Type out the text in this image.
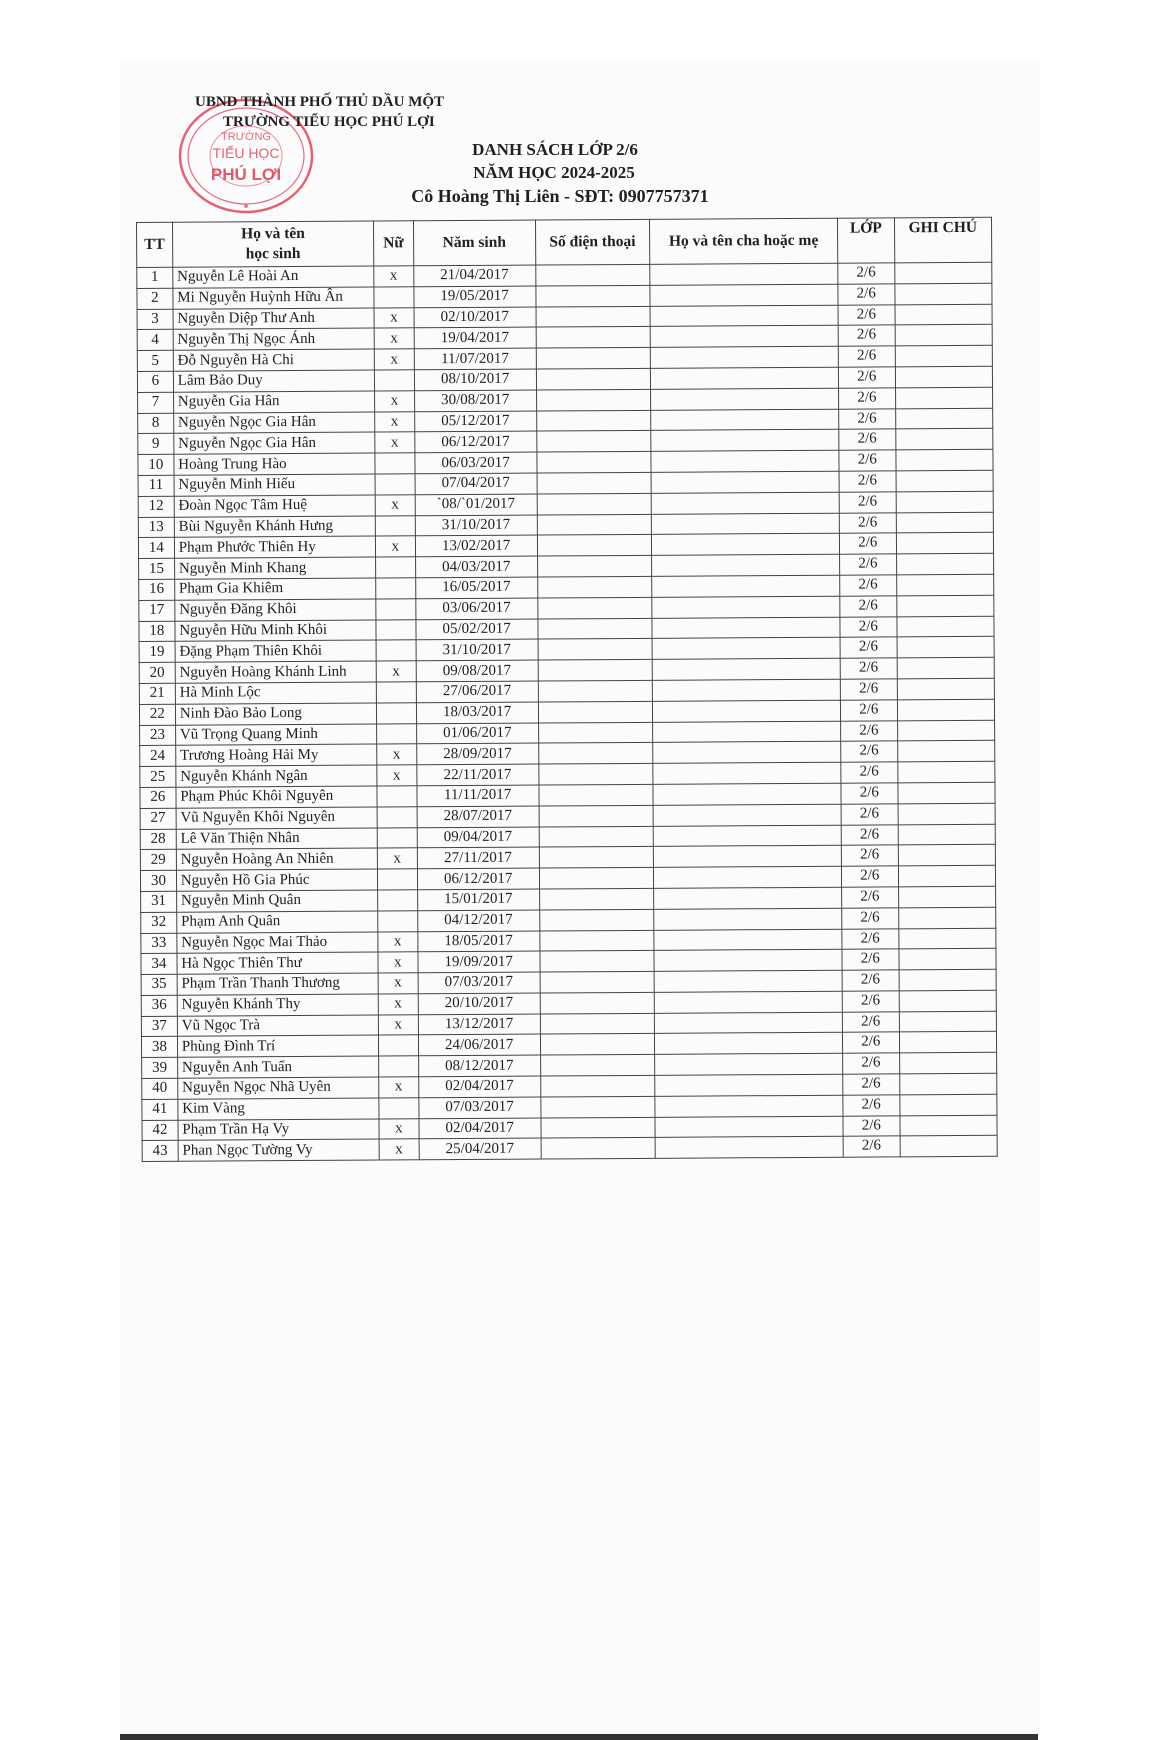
TRƯỜNG
TIỂU HỌC
PHÚ LỢI
UBND THÀNH PHỐ THỦ DẦU MỘT
TRƯỜNG TIỂU HỌC PHÚ LỢI
DANH SÁCH LỚP 2/6
NĂM HỌC 2024-2025
Cô Hoàng Thị Liên - SĐT: 0907757371
TT	Họ và tên
học sinh	Nữ	Năm sinh	Số điện thoại	Họ và tên cha hoặc mẹ	LỚP	GHI CHÚ
1	Nguyễn Lê Hoài An	x	21/04/2017			2/6	
2	Mi Nguyễn Huỳnh Hữu Ân		19/05/2017			2/6	
3	Nguyễn Diệp Thư Anh	x	02/10/2017			2/6	
4	Nguyễn Thị Ngọc Ánh	x	19/04/2017			2/6	
5	Đỗ Nguyễn Hà Chi	x	11/07/2017			2/6	
6	Lâm Bảo Duy		08/10/2017			2/6	
7	Nguyễn Gia Hân	x	30/08/2017			2/6	
8	Nguyễn Ngọc Gia Hân	x	05/12/2017			2/6	
9	Nguyễn Ngọc Gia Hân	x	06/12/2017			2/6	
10	Hoàng Trung Hào		06/03/2017			2/6	
11	Nguyễn Minh Hiếu		07/04/2017			2/6	
12	Đoàn Ngọc Tâm Huệ	x	`08/`01/2017			2/6	
13	Bùi Nguyễn Khánh Hưng		31/10/2017			2/6	
14	Phạm Phước Thiên Hy	x	13/02/2017			2/6	
15	Nguyễn Minh Khang		04/03/2017			2/6	
16	Phạm Gia Khiêm		16/05/2017			2/6	
17	Nguyễn Đăng Khôi		03/06/2017			2/6	
18	Nguyễn Hữu Minh Khôi		05/02/2017			2/6	
19	Đặng Phạm Thiên Khôi		31/10/2017			2/6	
20	Nguyễn Hoàng Khánh Linh	x	09/08/2017			2/6	
21	Hà Minh Lộc		27/06/2017			2/6	
22	Ninh Đào Bảo Long		18/03/2017			2/6	
23	Vũ Trọng Quang Minh		01/06/2017			2/6	
24	Trương Hoàng Hải My	x	28/09/2017			2/6	
25	Nguyễn Khánh Ngân	x	22/11/2017			2/6	
26	Phạm Phúc Khôi Nguyên		11/11/2017			2/6	
27	Vũ Nguyễn Khôi Nguyên		28/07/2017			2/6	
28	Lê Văn Thiện Nhân		09/04/2017			2/6	
29	Nguyễn Hoàng An Nhiên	x	27/11/2017			2/6	
30	Nguyễn Hồ Gia Phúc		06/12/2017			2/6	
31	Nguyễn Minh Quân		15/01/2017			2/6	
32	Phạm Anh Quân		04/12/2017			2/6	
33	Nguyễn Ngọc Mai Thảo	x	18/05/2017			2/6	
34	Hà Ngọc Thiên Thư	x	19/09/2017			2/6	
35	Phạm Trần Thanh Thương	x	07/03/2017			2/6	
36	Nguyễn Khánh Thy	x	20/10/2017			2/6	
37	Vũ Ngọc Trà	x	13/12/2017			2/6	
38	Phùng Đình Trí		24/06/2017			2/6	
39	Nguyễn Anh Tuấn		08/12/2017			2/6	
40	Nguyễn Ngọc Nhã Uyên	x	02/04/2017			2/6	
41	Kim Vàng		07/03/2017			2/6	
42	Phạm Trần Hạ Vy	x	02/04/2017			2/6	
43	Phan Ngọc Tường Vy	x	25/04/2017			2/6	
